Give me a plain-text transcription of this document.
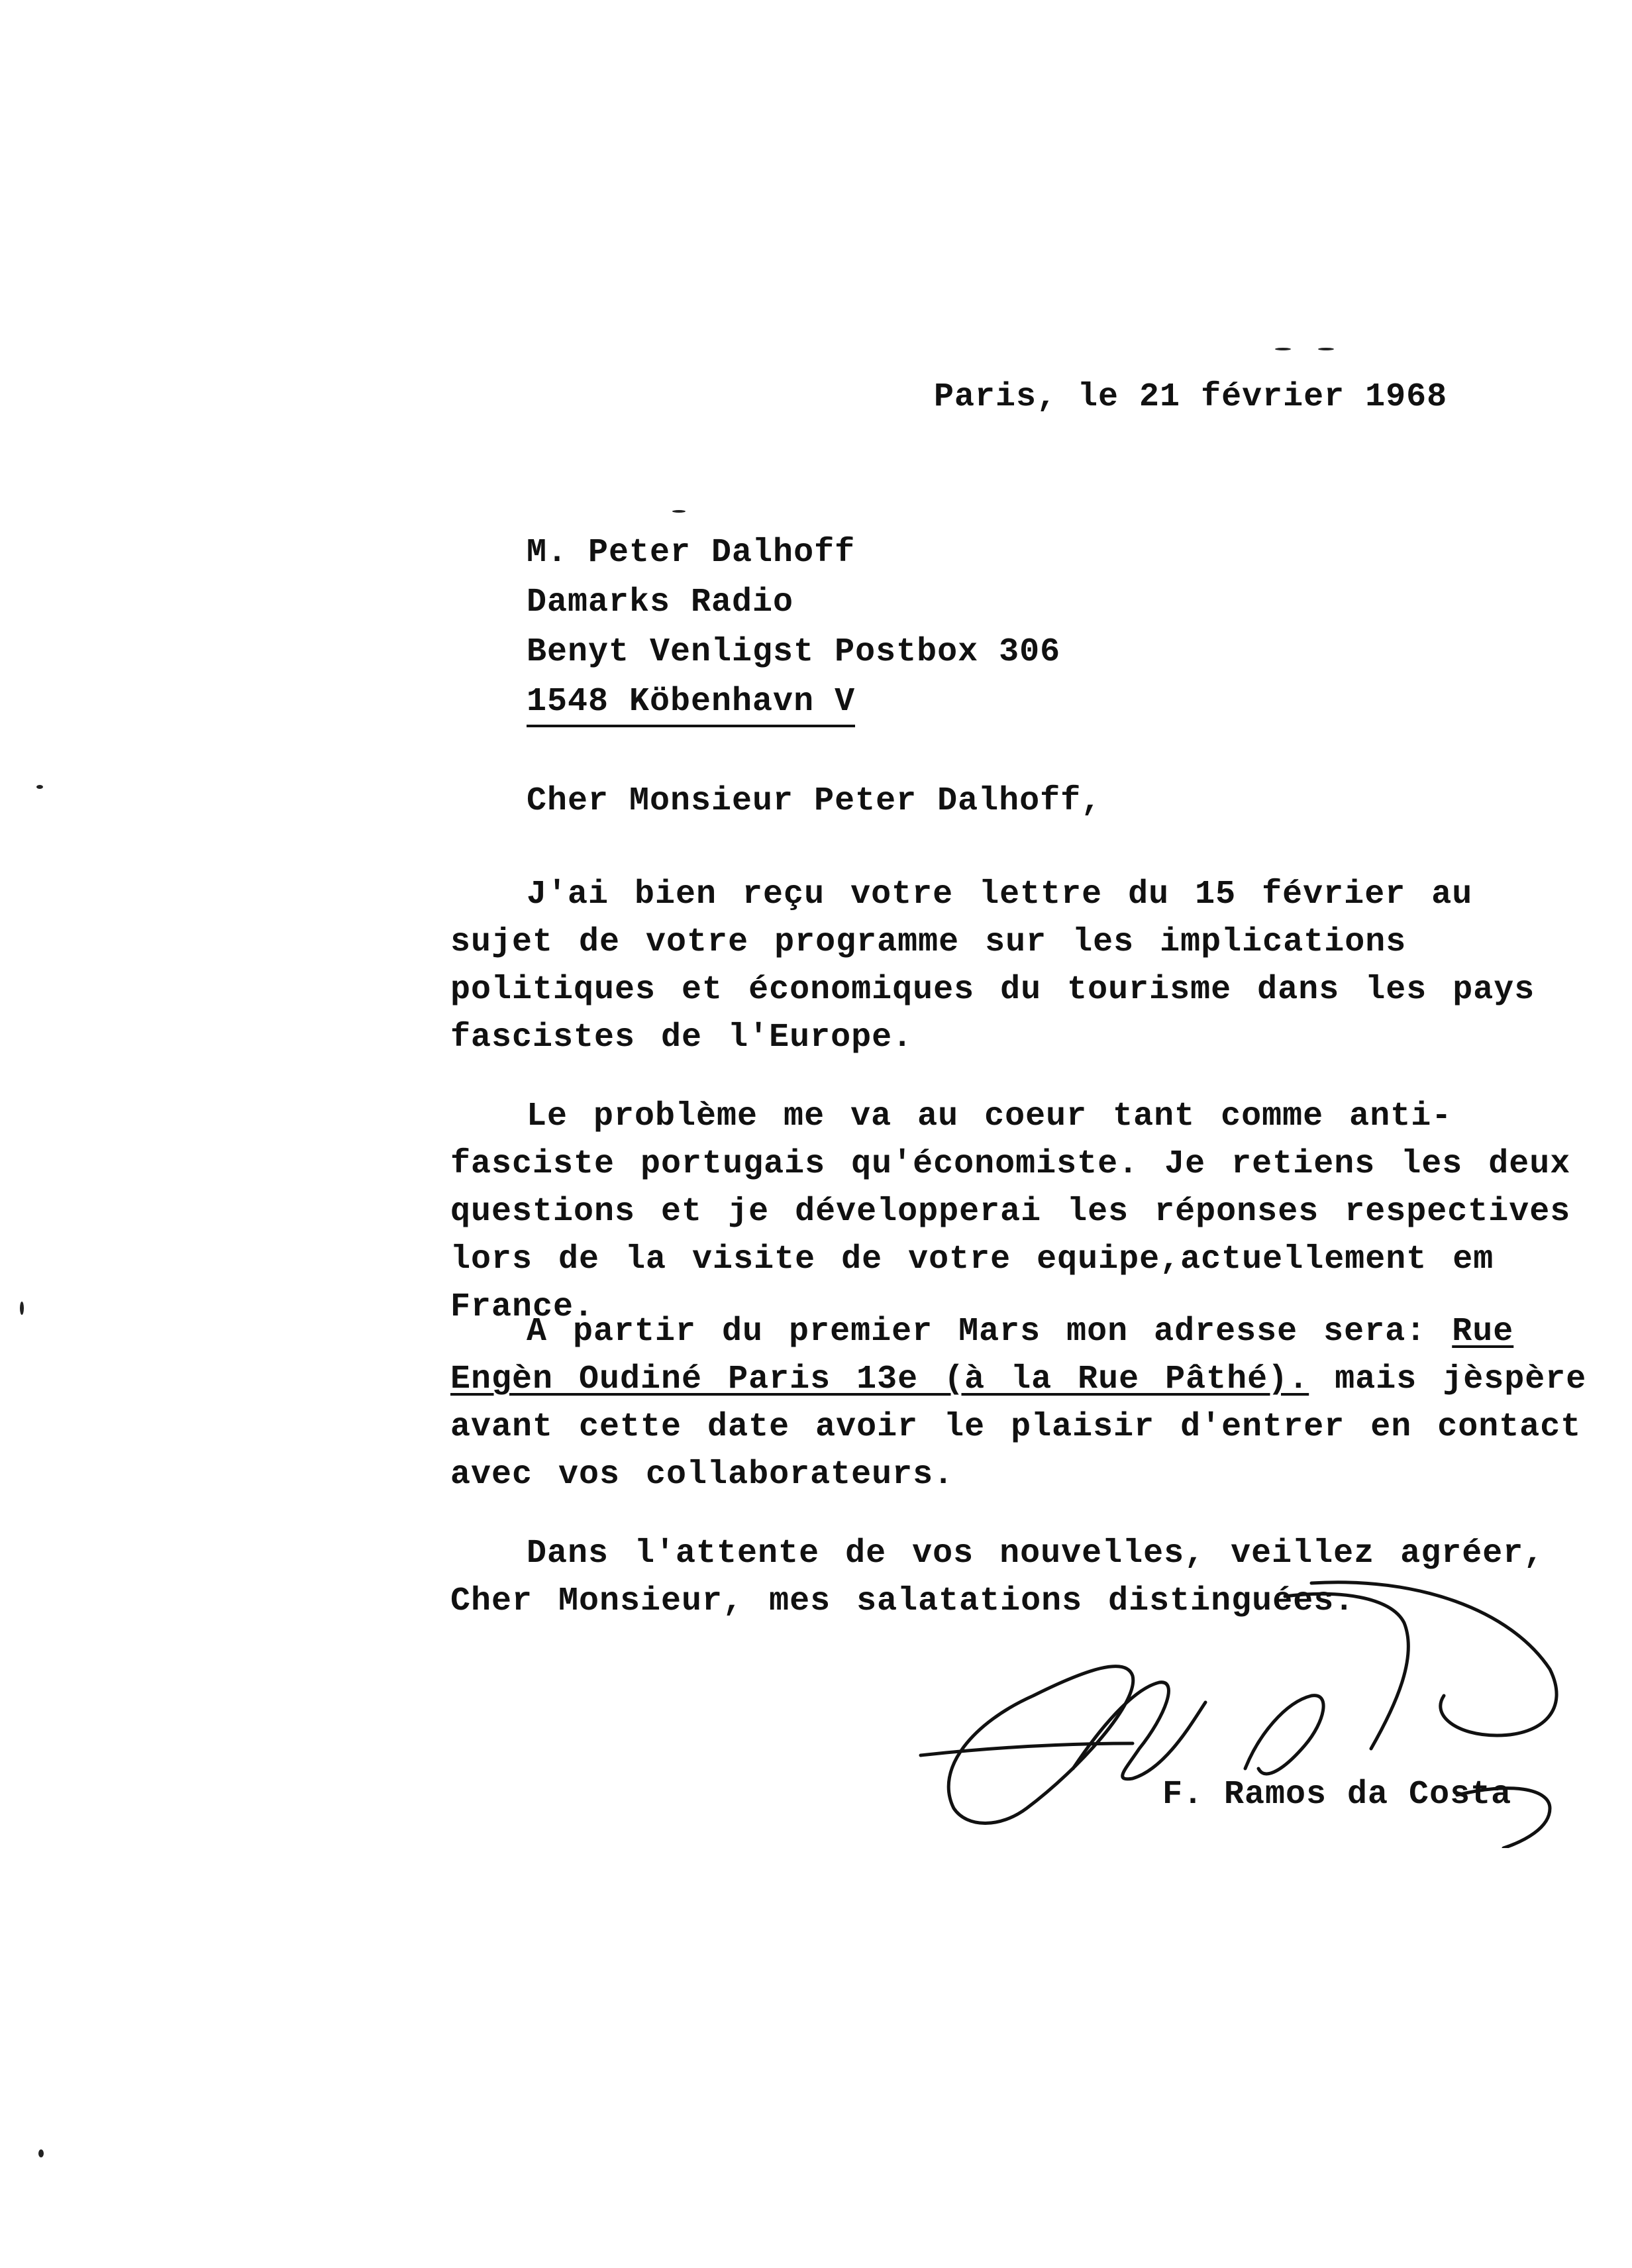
Paris, le 21 février 1968
M. Peter Dalhoff
Damarks Radio
Benyt Venligst Postbox 306
1548 Köbenhavn V
Cher Monsieur Peter Dalhoff,

J'ai bien reçu votre lettre du 15 février au sujet de votre programme sur les implications politiques et économiques du tourisme dans les pays fascistes de l'Europe.

Le problème me va au coeur tant comme anti-fasciste portugais qu'économiste. Je retiens les deux questions et je développerai les réponses respectives lors de la visite de votre equipe,actuellement em France.

A partir du premier Mars mon adresse sera: Rue Engèn Oudiné Paris 13e (à la Rue Pâthé). mais jèspère avant cette date avoir le plaisir d'entrer en contact avec vos collaborateurs.

Dans l'attente de vos nouvelles, veillez agréer, Cher Monsieur, mes salatations distinguées.

F. Ramos da Costa
